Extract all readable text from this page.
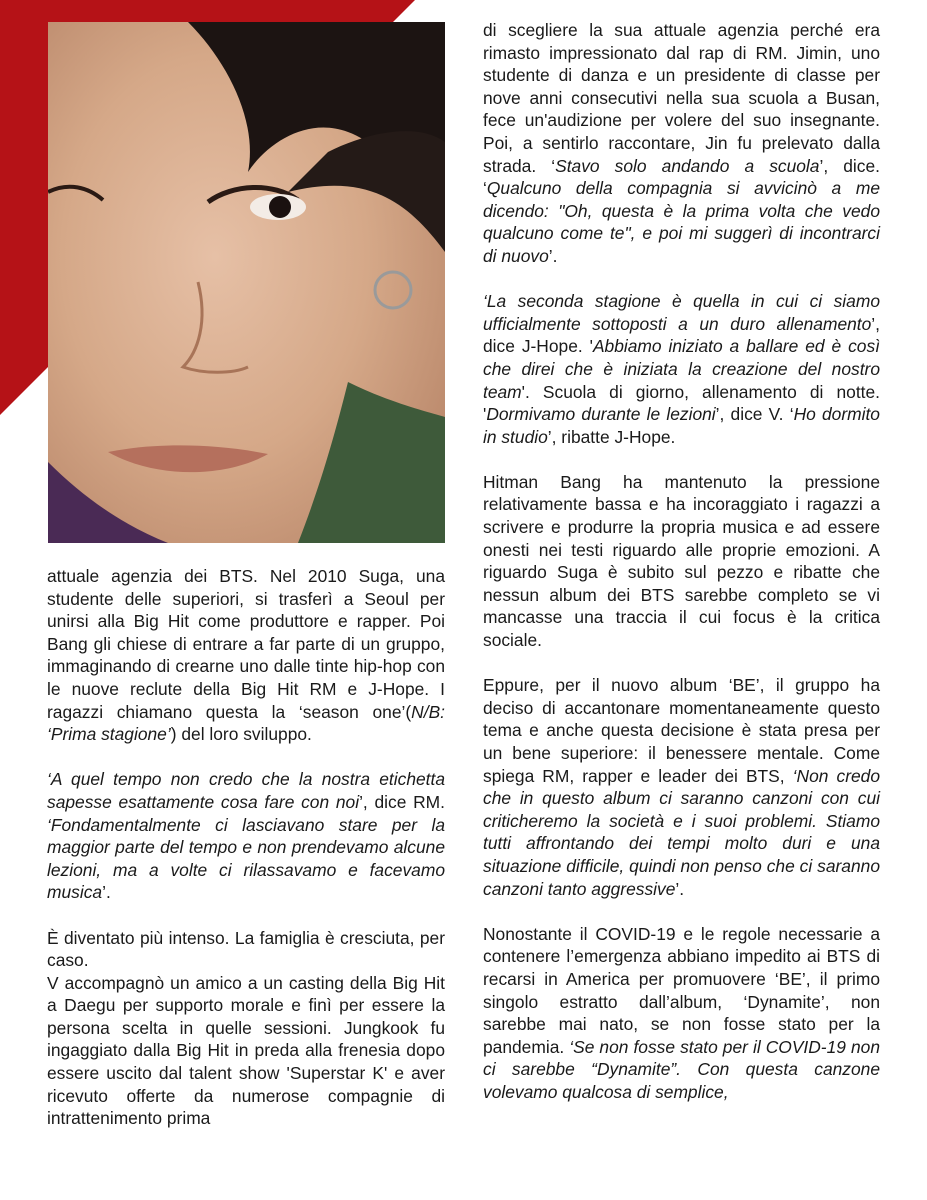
attuale agenzia dei BTS. Nel 2010 Suga, una studente delle superiori, si trasferì a Seoul per unirsi alla Big Hit come produttore e rapper. Poi Bang gli chiese di entrare a far parte di un gruppo, immaginando di crearne uno dalle tinte hip-hop con le nuove reclute della Big Hit RM e J-Hope. I ragazzi chiamano questa la ‘season one’(N/B: ‘Prima stagione’) del loro sviluppo.

‘A quel tempo non credo che la nostra etichetta sapesse esattamente cosa fare con noi’, dice RM. ‘Fondamentalmente ci lasciavano stare per la maggior parte del tempo e non prendevamo alcune lezioni, ma a volte ci rilassavamo e facevamo musica’.

È diventato più intenso. La famiglia è cresciuta, per caso.

V accompagnò un amico a un casting della Big Hit a Daegu per supporto morale e finì per essere la persona scelta in quelle sessioni. Jungkook fu ingaggiato dalla Big Hit in preda alla frenesia dopo essere uscito dal talent show 'Superstar K' e aver ricevuto offerte da numerose compagnie di intrattenimento prima

di scegliere la sua attuale agenzia perché era rimasto impressionato dal rap di RM. Jimin, uno studente di danza e un presidente di classe per nove anni consecutivi nella sua scuola a Busan, fece un'audizione per volere del suo insegnante. Poi, a sentirlo raccontare, Jin fu prelevato dalla strada. ‘Stavo solo andando a scuola’, dice. ‘Qualcuno della compagnia si avvicinò a me dicendo: "Oh, questa è la prima volta che vedo qualcuno come te", e poi mi suggerì di incontrarci di nuovo’.

‘La seconda stagione è quella in cui ci siamo ufficialmente sottoposti a un duro allenamento’, dice J-Hope. 'Abbiamo iniziato a ballare ed è così che direi che è iniziata la creazione del nostro team'. Scuola di giorno, allenamento di notte. 'Dormivamo durante le lezioni’, dice V. ‘Ho dormito in studio’, ribatte J-Hope.

Hitman Bang ha mantenuto la pressione relativamente bassa e ha incoraggiato i ragazzi a scrivere e produrre la propria musica e ad essere onesti nei testi riguardo alle proprie emozioni. A riguardo Suga è subito sul pezzo e ribatte che nessun album dei BTS sarebbe completo se vi mancasse una traccia il cui focus è la critica sociale.

Eppure, per il nuovo album ‘BE’, il gruppo ha deciso di accantonare momentaneamente questo tema e anche questa decisione è stata presa per un bene superiore: il benessere mentale. Come spiega RM, rapper e leader dei BTS, ‘Non credo che in questo album ci saranno canzoni con cui criticheremo la società e i suoi problemi. Stiamo tutti affrontando dei tempi molto duri e una situazione difficile, quindi non penso che ci saranno canzoni tanto aggressive’.

Nonostante il COVID-19 e le regole necessarie a contenere l’emergenza abbiano impedito ai BTS di recarsi in America per promuovere ‘BE’, il primo singolo estratto dall’album, ‘Dynamite’, non sarebbe mai nato, se non fosse stato per la pandemia. ‘Se non fosse stato per il COVID-19 non ci sarebbe “Dynamite”. Con questa canzone volevamo qualcosa di semplice,
